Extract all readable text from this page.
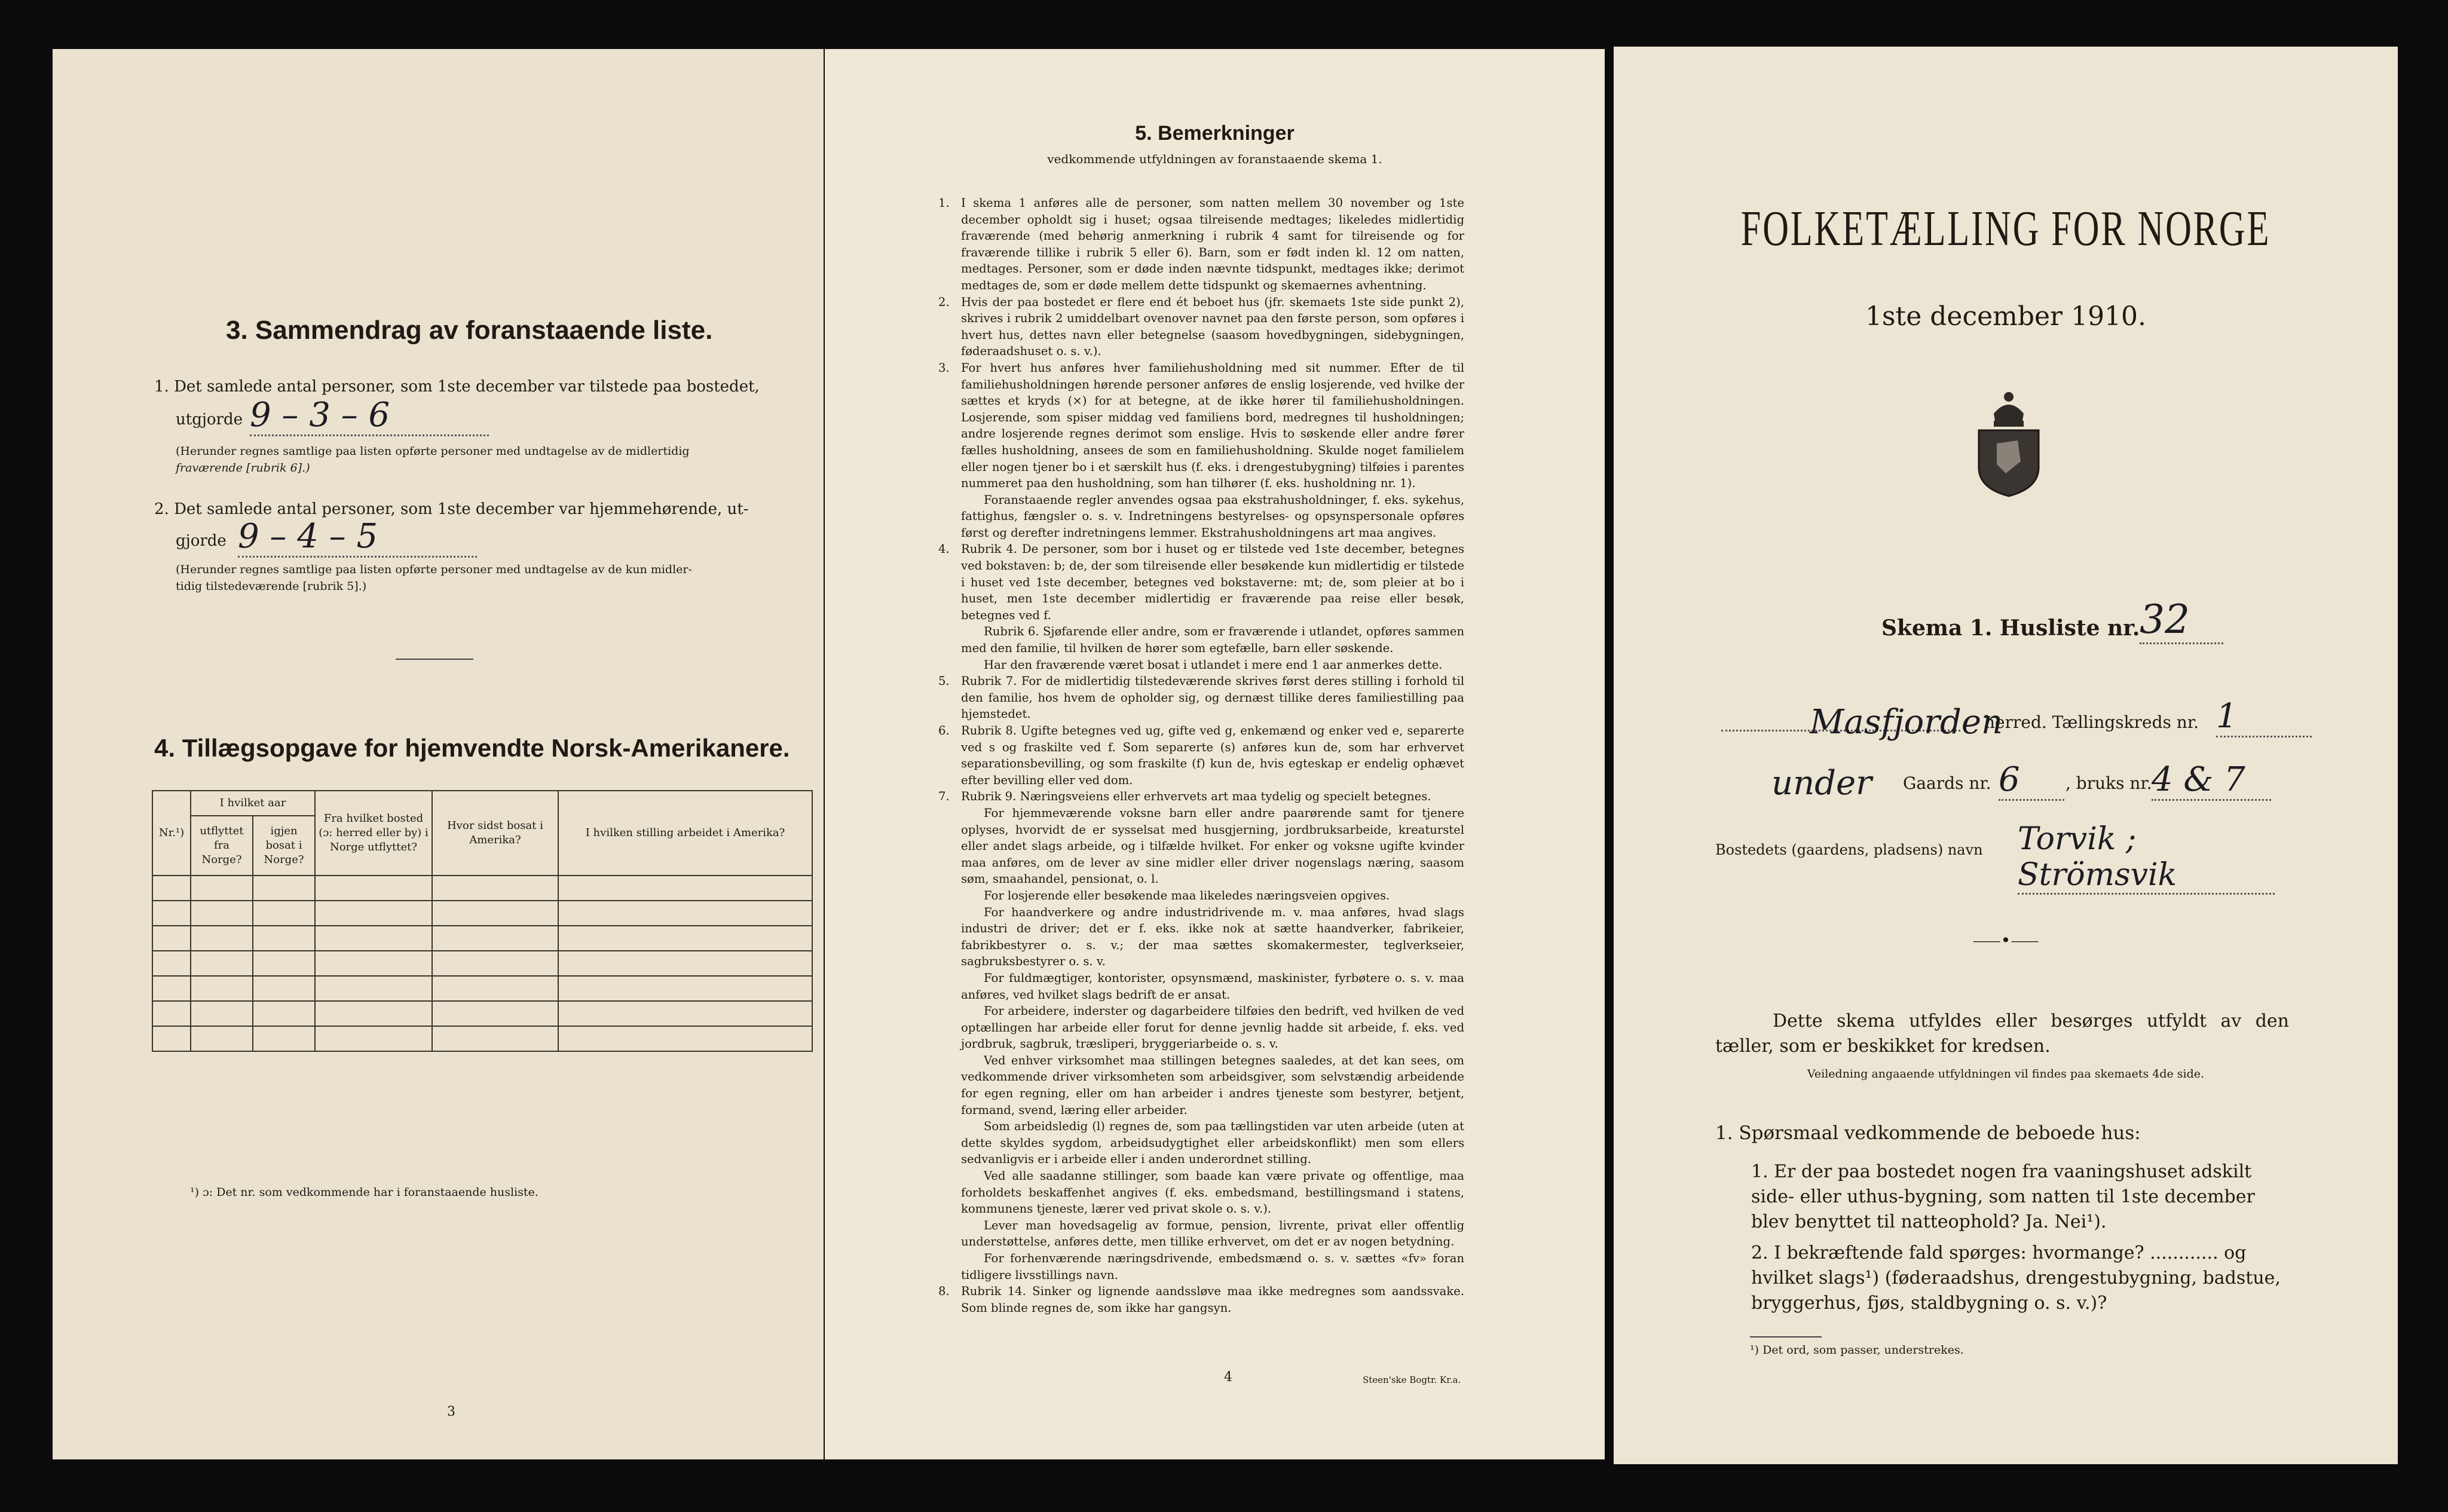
3. Sammendrag av foranstaaende liste.
1. Det samlede antal personer, som 1ste december var tilstede paa bostedet,
utgjorde 9 – 3 – 6
(Herunder regnes samtlige paa listen opførte personer med undtagelse av de midlertidig
fraværende [rubrik 6].)
2. Det samlede antal personer, som 1ste december var hjemmehørende, ut-
gjorde 9 – 4 – 5
(Herunder regnes samtlige paa listen opførte personer med undtagelse av de kun midler-
tidig tilstedeværende [rubrik 5].)
4. Tillægsopgave for hjemvendte Norsk-Amerikanere.
Nr.¹)	I hvilket aar		Fra hvilket bosted (ɔ: herred eller by) i Norge utflyttet?	Hvor sidst bosat i Amerika?	I hvilken stilling arbeidet i Amerika?
	utflyttet fra Norge?	igjen bosat i Norge?			

¹) ɔ: Det nr. som vedkommende har i foranstaaende husliste.
3
5. Bemerkninger
vedkommende utfyldningen av foranstaaende skema 1.

1. I skema 1 anføres alle de personer, som natten mellem 30 november og 1ste december opholdt sig i huset; ogsaa tilreisende medtages; likeledes midlertidig fraværende (med behørig anmerkning i rubrik 4 samt for tilreisende og for fraværende tillike i rubrik 5 eller 6). Barn, som er født inden kl. 12 om natten, medtages. Personer, som er døde inden nævnte tidspunkt, medtages ikke; derimot medtages de, som er døde mellem dette tidspunkt og skemaernes avhentning.

2. Hvis der paa bostedet er flere end ét beboet hus (jfr. skemaets 1ste side punkt 2), skrives i rubrik 2 umiddelbart ovenover navnet paa den første person, som opføres i hvert hus, dettes navn eller betegnelse (saasom hovedbygningen, sidebygningen, føderaadshuset o. s. v.).

3. For hvert hus anføres hver familiehusholdning med sit nummer. Efter de til familiehusholdningen hørende personer anføres de enslig losjerende, ved hvilke der sættes et kryds (×) for at betegne, at de ikke hører til familiehusholdningen. Losjerende, som spiser middag ved familiens bord, medregnes til husholdningen; andre losjerende regnes derimot som enslige. Hvis to søskende eller andre fører fælles husholdning, ansees de som en familiehusholdning. Skulde noget familielem eller nogen tjener bo i et særskilt hus (f. eks. i drengestubygning) tilføies i parentes nummeret paa den husholdning, som han tilhører (f. eks. husholdning nr. 1).

Foranstaaende regler anvendes ogsaa paa ekstrahusholdninger, f. eks. sykehus, fattighus, fængsler o. s. v. Indretningens bestyrelses- og opsynspersonale opføres først og derefter indretningens lemmer. Ekstrahusholdningens art maa angives.

4. Rubrik 4. De personer, som bor i huset og er tilstede ved 1ste december, betegnes ved bokstaven: b; de, der som tilreisende eller besøkende kun midlertidig er tilstede i huset ved 1ste december, betegnes ved bokstaverne: mt; de, som pleier at bo i huset, men 1ste december midlertidig er fraværende paa reise eller besøk, betegnes ved f.

Rubrik 6. Sjøfarende eller andre, som er fraværende i utlandet, opføres sammen med den familie, til hvilken de hører som egtefælle, barn eller søskende.

Har den fraværende været bosat i utlandet i mere end 1 aar anmerkes dette.

5. Rubrik 7. For de midlertidig tilstedeværende skrives først deres stilling i forhold til den familie, hos hvem de opholder sig, og dernæst tillike deres familiestilling paa hjemstedet.

6. Rubrik 8. Ugifte betegnes ved ug, gifte ved g, enkemænd og enker ved e, separerte ved s og fraskilte ved f. Som separerte (s) anføres kun de, som har erhvervet separationsbevilling, og som fraskilte (f) kun de, hvis egteskap er endelig ophævet efter bevilling eller ved dom.

7. Rubrik 9. Næringsveiens eller erhvervets art maa tydelig og specielt betegnes.

For hjemmeværende voksne barn eller andre paarørende samt for tjenere oplyses, hvorvidt de er sysselsat med husgjerning, jordbruksarbeide, kreaturstel eller andet slags arbeide, og i tilfælde hvilket. For enker og voksne ugifte kvinder maa anføres, om de lever av sine midler eller driver nogenslags næring, saasom søm, smaahandel, pensionat, o. l.

For losjerende eller besøkende maa likeledes næringsveien opgives.

For haandverkere og andre industridrivende m. v. maa anføres, hvad slags industri de driver; det er f. eks. ikke nok at sætte haandverker, fabrikeier, fabrikbestyrer o. s. v.; der maa sættes skomakermester, teglverkseier, sagbruksbestyrer o. s. v.

For fuldmægtiger, kontorister, opsynsmænd, maskinister, fyrbøtere o. s. v. maa anføres, ved hvilket slags bedrift de er ansat.

For arbeidere, inderster og dagarbeidere tilføies den bedrift, ved hvilken de ved optællingen har arbeide eller forut for denne jevnlig hadde sit arbeide, f. eks. ved jordbruk, sagbruk, træsliperi, bryggeriarbeide o. s. v.

Ved enhver virksomhet maa stillingen betegnes saaledes, at det kan sees, om vedkommende driver virksomheten som arbeidsgiver, som selvstændig arbeidende for egen regning, eller om han arbeider i andres tjeneste som bestyrer, betjent, formand, svend, læring eller arbeider.

Som arbeidsledig (l) regnes de, som paa tællingstiden var uten arbeide (uten at dette skyldes sygdom, arbeidsudygtighet eller arbeidskonflikt) men som ellers sedvanligvis er i arbeide eller i anden underordnet stilling.

Ved alle saadanne stillinger, som baade kan være private og offentlige, maa forholdets beskaffenhet angives (f. eks. embedsmand, bestillingsmand i statens, kommunens tjeneste, lærer ved privat skole o. s. v.).

Lever man hovedsagelig av formue, pension, livrente, privat eller offentlig understøttelse, anføres dette, men tillike erhvervet, om det er av nogen betydning.

For forhenværende næringsdrivende, embedsmænd o. s. v. sættes «fv» foran tidligere livsstillings navn.

8. Rubrik 14. Sinker og lignende aandssløve maa ikke medregnes som aandssvake. Som blinde regnes de, som ikke har gangsyn.

4	Steen'ske Bogtr. Kr.a.
FOLKETÆLLING FOR NORGE
1ste december 1910.
Skema 1. Husliste nr. 32
Masfjorden
herred. Tællingskreds nr. 1
under Gaards nr. 6	, bruks nr. 4 & 7
Bostedets (gaardens, pladsens) navn Torvik ; Strömsvik
⸺•⸺
Dette skema utfyldes eller besørges utfyldt av den tæller, som er beskikket for kredsen.
Veiledning angaaende utfyldningen vil findes paa skemaets 4de side.
1. Spørsmaal vedkommende de beboede hus:
1. Er der paa bostedet nogen fra vaaningshuset adskilt side- eller uthus-bygning, som natten til 1ste december blev benyttet til natteophold? Ja. Nei¹).
2. I bekræftende fald spørges: hvormange? ............ og hvilket slags¹) (føderaadshus, drengestubygning, badstue, bryggerhus, fjøs, staldbygning o. s. v.)?
¹) Det ord, som passer, understrekes.
